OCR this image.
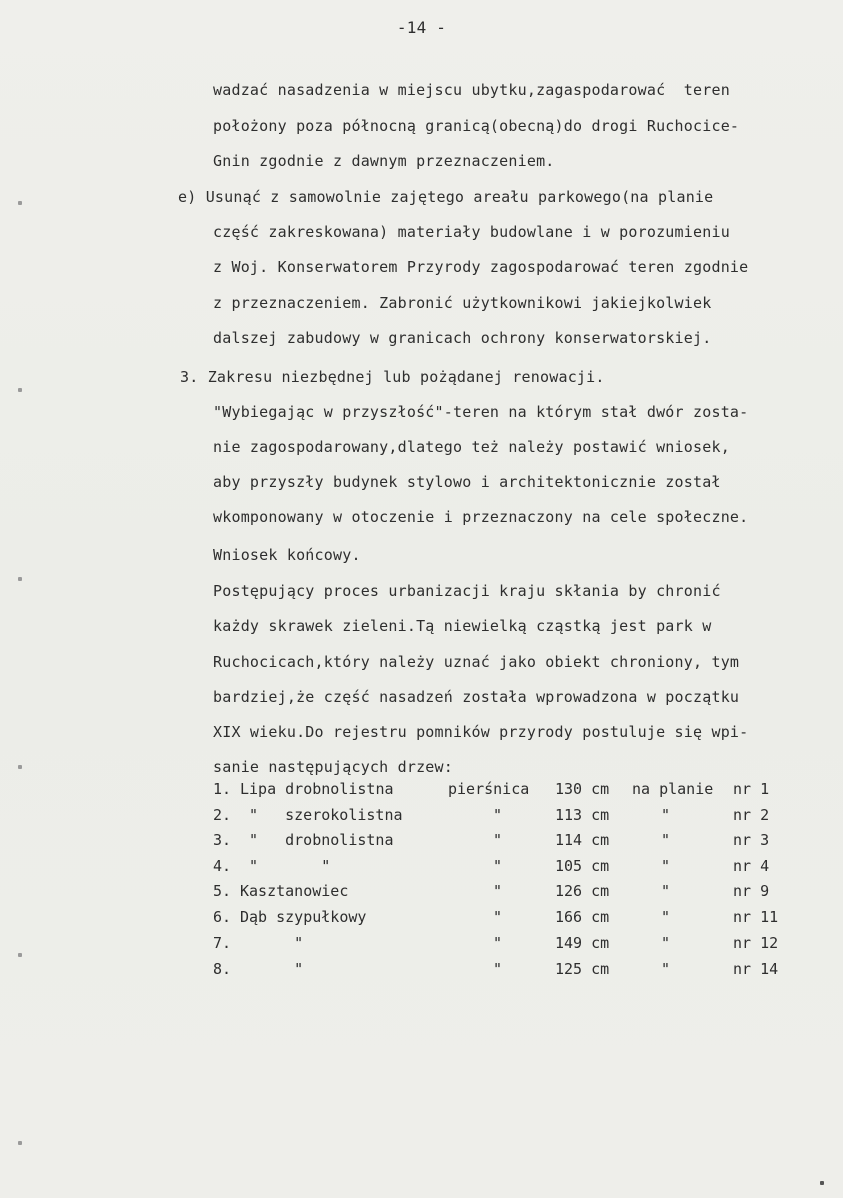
-14 -
wadzać nasadzenia w miejscu ubytku,zagaspodarować  teren
położony poza północną granicą(obecną)do drogi Ruchocice-
Gnin zgodnie z dawnym przeznaczeniem.
e) Usunąć z samowolnie zajętego areału parkowego(na planie
część zakreskowana) materiały budowlane i w porozumieniu
z Woj. Konserwatorem Przyrody zagospodarować teren zgodnie
z przeznaczeniem. Zabronić użytkownikowi jakiejkolwiek
dalszej zabudowy w granicach ochrony konserwatorskiej.
3. Zakresu niezbędnej lub pożądanej renowacji.
"Wybiegając w przyszłość"-teren na którym stał dwór zosta-
nie zagospodarowany,dlatego też należy postawić wniosek,
aby przyszły budynek stylowo i architektonicznie został
wkomponowany w otoczenie i przeznaczony na cele społeczne.
Wniosek końcowy.
Postępujący proces urbanizacji kraju skłania by chronić
każdy skrawek zieleni.Tą niewielką cząstką jest park w
Ruchocicach,który należy uznać jako obiekt chroniony, tym
bardziej,że część nasadzeń została wprowadzona w początku
XIX wieku.Do rejestru pomników przyrody postuluje się wpi-
sanie następujących drzew:
1. Lipa drobnolistna	pierśnica 130 cm na planie nr 1
2. "   szerokolistna	"	113 cm	"	nr 2
3. "   drobnolistna	"	114 cm	"	nr 3
4. "       "	"	105 cm	"	nr 4
5. Kasztanowiec	"	126 cm	"	nr 9
6. Dąb szypułkowy	"	166 cm	"	nr 11
7. "	"	149 cm	"	nr 12
8. "	"	125 cm	"	nr 14
